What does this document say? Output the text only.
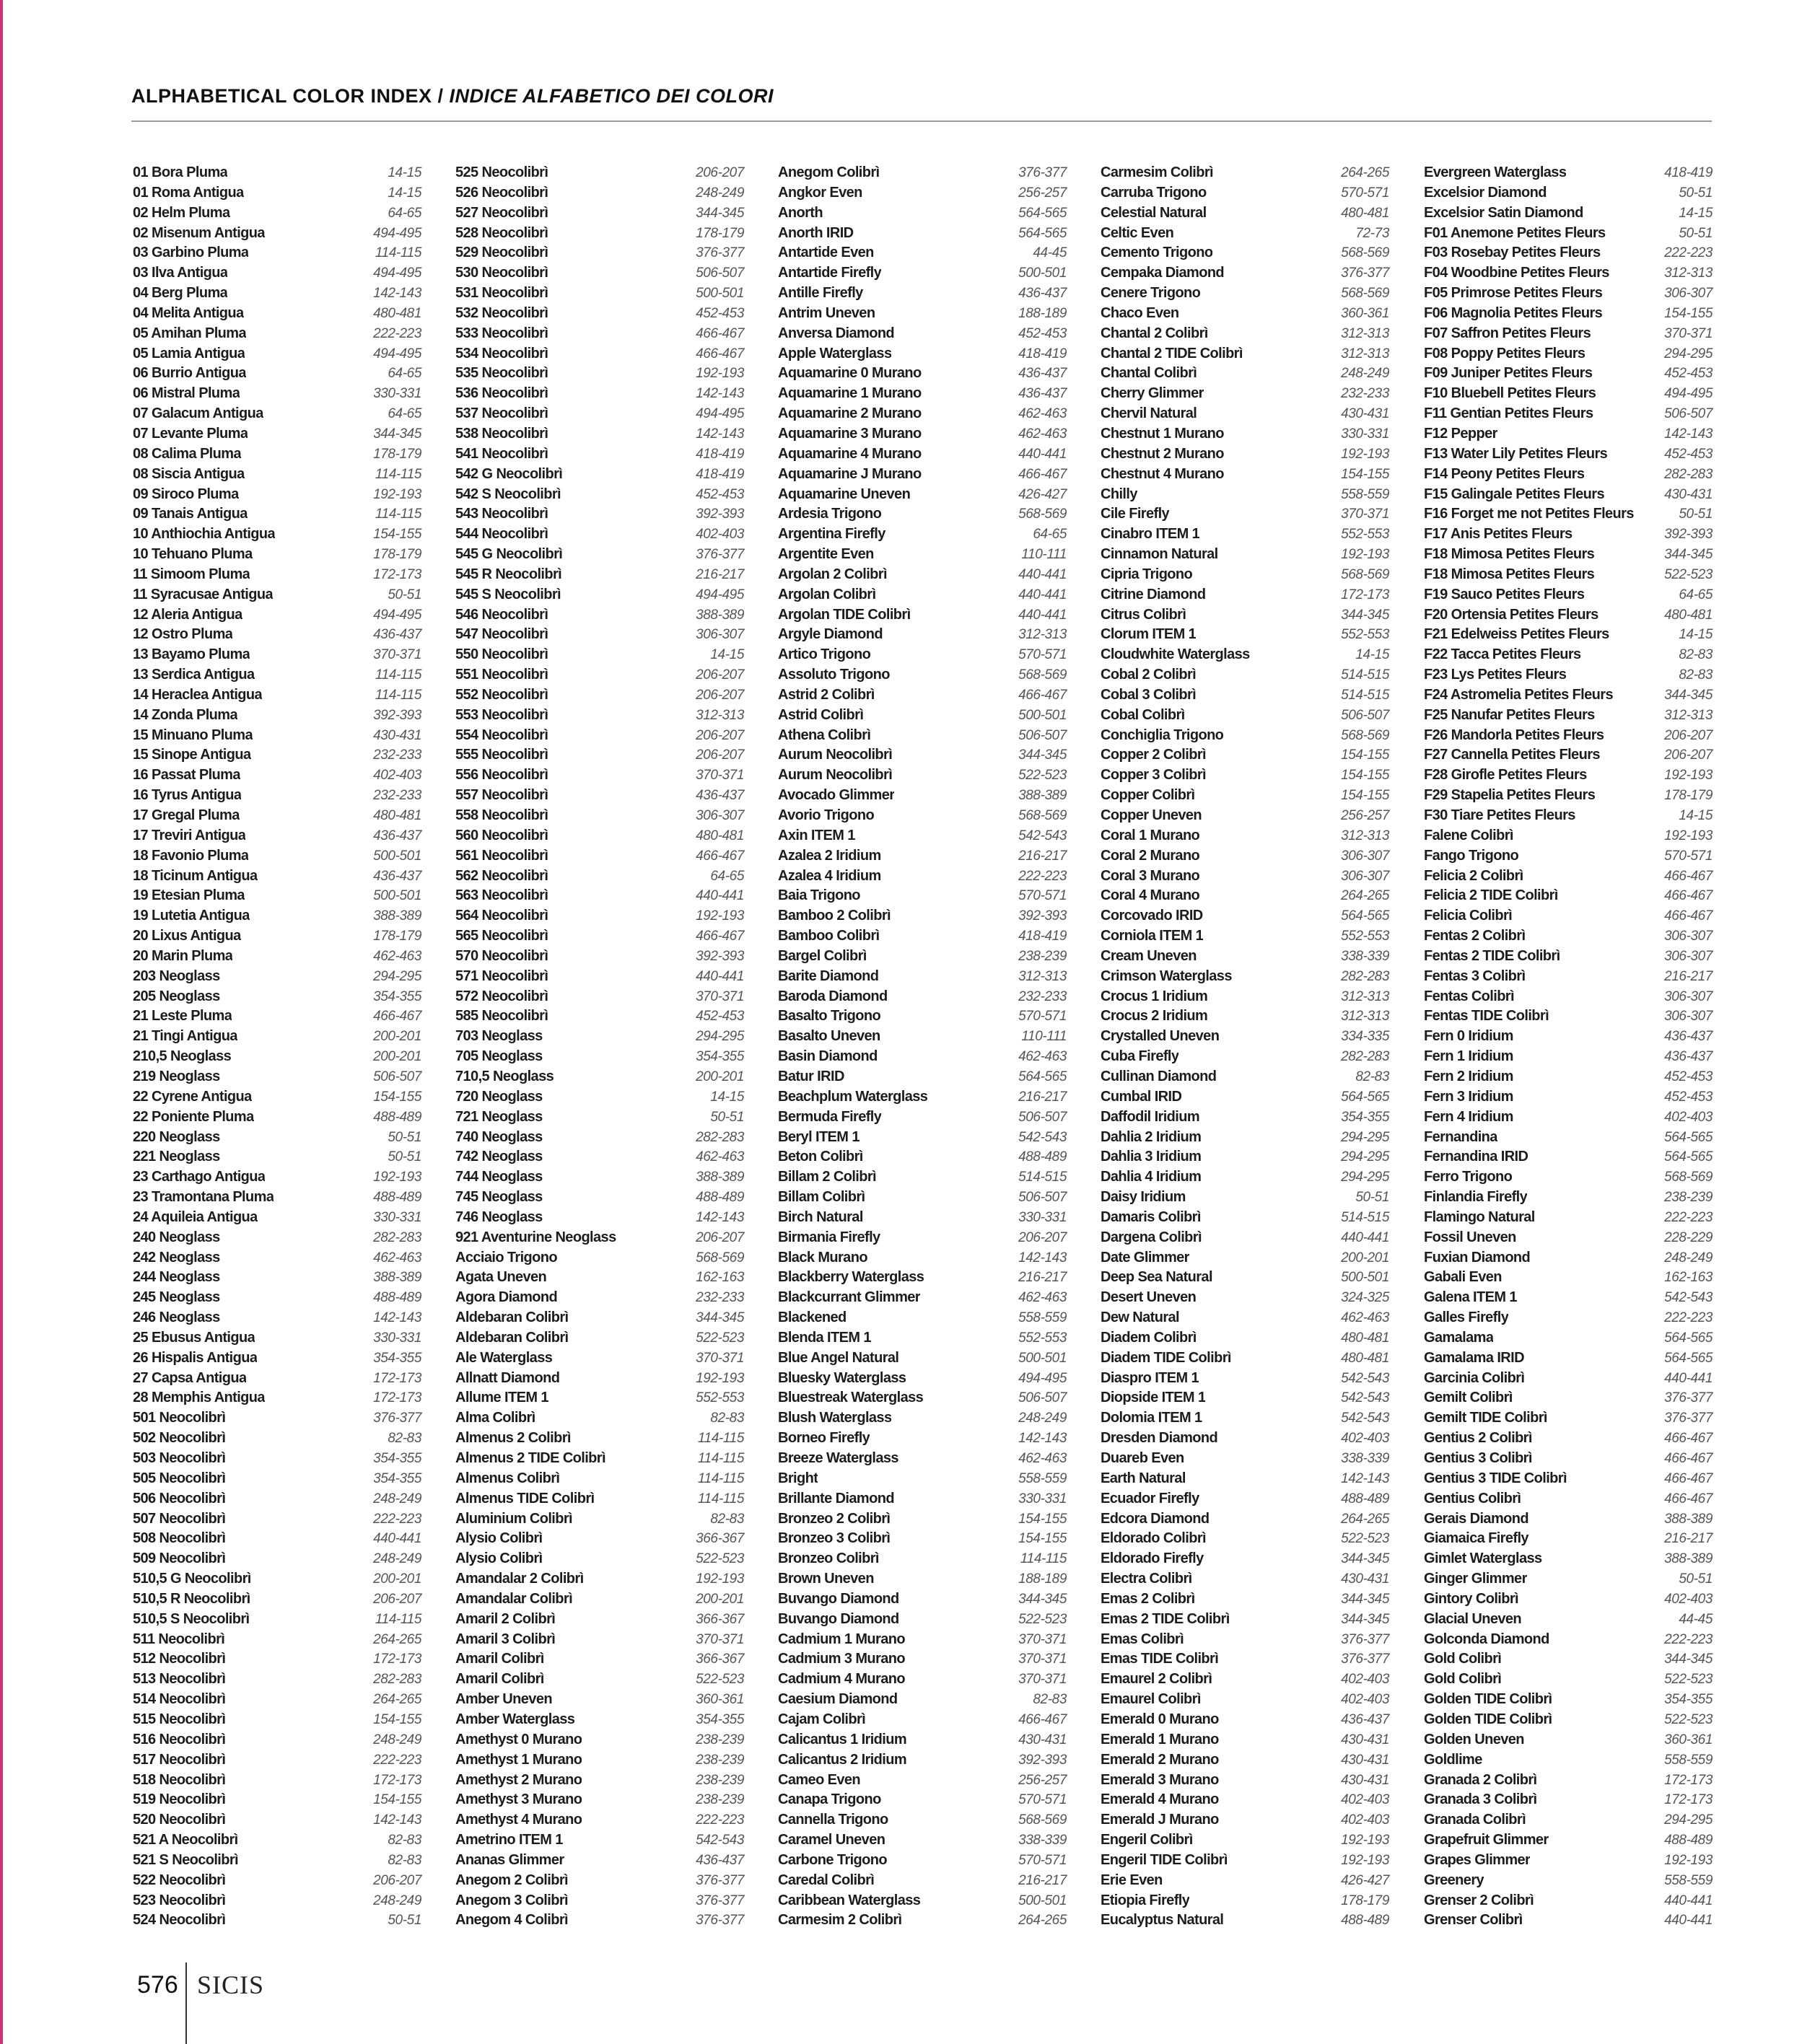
ALPHABETICAL COLOR INDEX / INDICE ALFABETICO DEI COLORI
01 Bora Pluma	14-15
01 Roma Antigua	14-15
02 Helm Pluma	64-65
02 Misenum Antigua	494-495
03 Garbino Pluma	114-115
03 Ilva Antigua	494-495
04 Berg Pluma	142-143
04 Melita Antigua	480-481
05 Amihan Pluma	222-223
05 Lamia Antigua	494-495
06 Burrio Antigua	64-65
06 Mistral Pluma	330-331
07 Galacum Antigua	64-65
07 Levante Pluma	344-345
08 Calima Pluma	178-179
08 Siscia Antigua	114-115
09 Siroco Pluma	192-193
09 Tanais Antigua	114-115
10 Anthiochia Antigua	154-155
10 Tehuano Pluma	178-179
11 Simoom Pluma	172-173
11 Syracusae Antigua	50-51
12 Aleria Antigua	494-495
12 Ostro Pluma	436-437
13 Bayamo Pluma	370-371
13 Serdica Antigua	114-115
14 Heraclea Antigua	114-115
14 Zonda Pluma	392-393
15 Minuano Pluma	430-431
15 Sinope Antigua	232-233
16 Passat Pluma	402-403
16 Tyrus Antigua	232-233
17 Gregal Pluma	480-481
17 Treviri Antigua	436-437
18 Favonio Pluma	500-501
18 Ticinum Antigua	436-437
19 Etesian Pluma	500-501
19 Lutetia Antigua	388-389
20 Lixus Antigua	178-179
20 Marin Pluma	462-463
203 Neoglass	294-295
205 Neoglass	354-355
21 Leste Pluma	466-467
21 Tingi Antigua	200-201
210,5 Neoglass	200-201
219 Neoglass	506-507
22 Cyrene Antigua	154-155
22 Poniente Pluma	488-489
220 Neoglass	50-51
221 Neoglass	50-51
23 Carthago Antigua	192-193
23 Tramontana Pluma	488-489
24 Aquileia Antigua	330-331
240 Neoglass	282-283
242 Neoglass	462-463
244 Neoglass	388-389
245 Neoglass	488-489
246 Neoglass	142-143
25 Ebusus Antigua	330-331
26 Hispalis Antigua	354-355
27 Capsa Antigua	172-173
28 Memphis Antigua	172-173
501 Neocolibrì	376-377
502 Neocolibrì	82-83
503 Neocolibrì	354-355
505 Neocolibrì	354-355
506 Neocolibrì	248-249
507 Neocolibrì	222-223
508 Neocolibrì	440-441
509 Neocolibrì	248-249
510,5 G Neocolibrì	200-201
510,5 R Neocolibrì	206-207
510,5 S Neocolibrì	114-115
511 Neocolibrì	264-265
512 Neocolibrì	172-173
513 Neocolibrì	282-283
514 Neocolibrì	264-265
515 Neocolibrì	154-155
516 Neocolibrì	248-249
517 Neocolibrì	222-223
518 Neocolibrì	172-173
519 Neocolibrì	154-155
520 Neocolibrì	142-143
521 A Neocolibrì	82-83
521 S Neocolibrì	82-83
522 Neocolibrì	206-207
523 Neocolibrì	248-249
524 Neocolibrì	50-51
525 Neocolibrì	206-207
526 Neocolibrì	248-249
527 Neocolibrì	344-345
528 Neocolibrì	178-179
529 Neocolibrì	376-377
530 Neocolibrì	506-507
531 Neocolibrì	500-501
532 Neocolibrì	452-453
533 Neocolibrì	466-467
534 Neocolibrì	466-467
535 Neocolibrì	192-193
536 Neocolibrì	142-143
537 Neocolibrì	494-495
538 Neocolibrì	142-143
541 Neocolibrì	418-419
542 G Neocolibrì	418-419
542 S Neocolibrì	452-453
543 Neocolibrì	392-393
544 Neocolibrì	402-403
545 G Neocolibrì	376-377
545 R Neocolibrì	216-217
545 S Neocolibrì	494-495
546 Neocolibrì	388-389
547 Neocolibrì	306-307
550 Neocolibrì	14-15
551 Neocolibrì	206-207
552 Neocolibrì	206-207
553 Neocolibrì	312-313
554 Neocolibrì	206-207
555 Neocolibrì	206-207
556 Neocolibrì	370-371
557 Neocolibrì	436-437
558 Neocolibrì	306-307
560 Neocolibrì	480-481
561 Neocolibrì	466-467
562 Neocolibrì	64-65
563 Neocolibrì	440-441
564 Neocolibrì	192-193
565 Neocolibrì	466-467
570 Neocolibrì	392-393
571 Neocolibrì	440-441
572 Neocolibrì	370-371
585 Neocolibrì	452-453
703 Neoglass	294-295
705 Neoglass	354-355
710,5 Neoglass	200-201
720 Neoglass	14-15
721 Neoglass	50-51
740 Neoglass	282-283
742 Neoglass	462-463
744 Neoglass	388-389
745 Neoglass	488-489
746 Neoglass	142-143
921 Aventurine Neoglass	206-207
Acciaio Trigono	568-569
Agata Uneven	162-163
Agora Diamond	232-233
Aldebaran Colibrì	344-345
Aldebaran Colibrì	522-523
Ale Waterglass	370-371
Allnatt Diamond	192-193
Allume ITEM 1	552-553
Alma Colibrì	82-83
Almenus 2 Colibrì	114-115
Almenus 2 TIDE Colibrì	114-115
Almenus Colibrì	114-115
Almenus TIDE Colibrì	114-115
Aluminium Colibrì	82-83
Alysio Colibrì	366-367
Alysio Colibrì	522-523
Amandalar 2 Colibrì	192-193
Amandalar Colibrì	200-201
Amaril 2 Colibrì	366-367
Amaril 3 Colibrì	370-371
Amaril Colibrì	366-367
Amaril Colibrì	522-523
Amber Uneven	360-361
Amber Waterglass	354-355
Amethyst 0 Murano	238-239
Amethyst 1 Murano	238-239
Amethyst 2 Murano	238-239
Amethyst 3 Murano	238-239
Amethyst 4 Murano	222-223
Ametrino ITEM 1	542-543
Ananas Glimmer	436-437
Anegom 2 Colibrì	376-377
Anegom 3 Colibrì	376-377
Anegom 4 Colibrì	376-377
Anegom Colibrì	376-377
Angkor Even	256-257
Anorth	564-565
Anorth IRID	564-565
Antartide Even	44-45
Antartide Firefly	500-501
Antille Firefly	436-437
Antrim Uneven	188-189
Anversa Diamond	452-453
Apple Waterglass	418-419
Aquamarine 0 Murano	436-437
Aquamarine 1 Murano	436-437
Aquamarine 2 Murano	462-463
Aquamarine 3 Murano	462-463
Aquamarine 4 Murano	440-441
Aquamarine J Murano	466-467
Aquamarine Uneven	426-427
Ardesia Trigono	568-569
Argentina Firefly	64-65
Argentite Even	110-111
Argolan 2 Colibrì	440-441
Argolan Colibrì	440-441
Argolan TIDE Colibrì	440-441
Argyle Diamond	312-313
Artico Trigono	570-571
Assoluto Trigono	568-569
Astrid 2 Colibrì	466-467
Astrid Colibrì	500-501
Athena Colibrì	506-507
Aurum Neocolibrì	344-345
Aurum Neocolibrì	522-523
Avocado Glimmer	388-389
Avorio Trigono	568-569
Axin ITEM 1	542-543
Azalea 2 Iridium	216-217
Azalea 4 Iridium	222-223
Baia Trigono	570-571
Bamboo 2 Colibrì	392-393
Bamboo Colibrì	418-419
Bargel Colibrì	238-239
Barite Diamond	312-313
Baroda Diamond	232-233
Basalto Trigono	570-571
Basalto Uneven	110-111
Basin Diamond	462-463
Batur IRID	564-565
Beachplum Waterglass	216-217
Bermuda Firefly	506-507
Beryl ITEM 1	542-543
Beton Colibrì	488-489
Billam 2 Colibrì	514-515
Billam Colibrì	506-507
Birch Natural	330-331
Birmania Firefly	206-207
Black Murano	142-143
Blackberry Waterglass	216-217
Blackcurrant Glimmer	462-463
Blackened	558-559
Blenda ITEM 1	552-553
Blue Angel Natural	500-501
Bluesky Waterglass	494-495
Bluestreak Waterglass	506-507
Blush Waterglass	248-249
Borneo Firefly	142-143
Breeze Waterglass	462-463
Bright	558-559
Brillante Diamond	330-331
Bronzeo 2 Colibrì	154-155
Bronzeo 3 Colibrì	154-155
Bronzeo Colibrì	114-115
Brown Uneven	188-189
Buvango Diamond	344-345
Buvango Diamond	522-523
Cadmium 1 Murano	370-371
Cadmium 3 Murano	370-371
Cadmium 4 Murano	370-371
Caesium Diamond	82-83
Cajam Colibrì	466-467
Calicantus 1 Iridium	430-431
Calicantus 2 Iridium	392-393
Cameo Even	256-257
Canapa Trigono	570-571
Cannella Trigono	568-569
Caramel Uneven	338-339
Carbone Trigono	570-571
Caredal Colibrì	216-217
Caribbean Waterglass	500-501
Carmesim 2 Colibrì	264-265
Carmesim Colibrì	264-265
Carruba Trigono	570-571
Celestial Natural	480-481
Celtic Even	72-73
Cemento Trigono	568-569
Cempaka Diamond	376-377
Cenere Trigono	568-569
Chaco Even	360-361
Chantal 2 Colibrì	312-313
Chantal 2 TIDE Colibrì	312-313
Chantal Colibrì	248-249
Cherry Glimmer	232-233
Chervil Natural	430-431
Chestnut 1 Murano	330-331
Chestnut 2 Murano	192-193
Chestnut 4 Murano	154-155
Chilly	558-559
Cile Firefly	370-371
Cinabro ITEM 1	552-553
Cinnamon Natural	192-193
Cipria Trigono	568-569
Citrine Diamond	172-173
Citrus Colibrì	344-345
Clorum ITEM 1	552-553
Cloudwhite Waterglass	14-15
Cobal 2 Colibrì	514-515
Cobal 3 Colibrì	514-515
Cobal Colibrì	506-507
Conchiglia Trigono	568-569
Copper 2 Colibrì	154-155
Copper 3 Colibrì	154-155
Copper Colibrì	154-155
Copper Uneven	256-257
Coral 1 Murano	312-313
Coral 2 Murano	306-307
Coral 3 Murano	306-307
Coral 4 Murano	264-265
Corcovado IRID	564-565
Corniola ITEM 1	552-553
Cream Uneven	338-339
Crimson Waterglass	282-283
Crocus 1 Iridium	312-313
Crocus 2 Iridium	312-313
Crystalled Uneven	334-335
Cuba Firefly	282-283
Cullinan Diamond	82-83
Cumbal IRID	564-565
Daffodil Iridium	354-355
Dahlia 2 Iridium	294-295
Dahlia 3 Iridium	294-295
Dahlia 4 Iridium	294-295
Daisy Iridium	50-51
Damaris Colibrì	514-515
Dargena Colibrì	440-441
Date Glimmer	200-201
Deep Sea Natural	500-501
Desert Uneven	324-325
Dew Natural	462-463
Diadem Colibrì	480-481
Diadem TIDE Colibrì	480-481
Diaspro ITEM 1	542-543
Diopside ITEM 1	542-543
Dolomia ITEM 1	542-543
Dresden Diamond	402-403
Duareb Even	338-339
Earth Natural	142-143
Ecuador Firefly	488-489
Edcora Diamond	264-265
Eldorado Colibrì	522-523
Eldorado Firefly	344-345
Electra Colibrì	430-431
Emas 2 Colibrì	344-345
Emas 2 TIDE Colibrì	344-345
Emas Colibrì	376-377
Emas TIDE Colibrì	376-377
Emaurel 2 Colibrì	402-403
Emaurel Colibrì	402-403
Emerald 0 Murano	436-437
Emerald 1 Murano	430-431
Emerald 2 Murano	430-431
Emerald 3 Murano	430-431
Emerald 4 Murano	402-403
Emerald J Murano	402-403
Engeril Colibrì	192-193
Engeril TIDE Colibrì	192-193
Erie Even	426-427
Etiopia Firefly	178-179
Eucalyptus Natural	488-489
Evergreen Waterglass	418-419
Excelsior Diamond	50-51
Excelsior Satin Diamond	14-15
F01 Anemone Petites Fleurs	50-51
F03 Rosebay Petites Fleurs	222-223
F04 Woodbine Petites Fleurs	312-313
F05 Primrose Petites Fleurs	306-307
F06 Magnolia Petites Fleurs	154-155
F07 Saffron Petites Fleurs	370-371
F08 Poppy Petites Fleurs	294-295
F09 Juniper Petites Fleurs	452-453
F10 Bluebell Petites Fleurs	494-495
F11 Gentian Petites Fleurs	506-507
F12 Pepper	142-143
F13 Water Lily Petites Fleurs	452-453
F14 Peony Petites Fleurs	282-283
F15 Galingale Petites Fleurs	430-431
F16 Forget me not Petites Fleurs	50-51
F17 Anis Petites Fleurs	392-393
F18 Mimosa Petites Fleurs	344-345
F18 Mimosa Petites Fleurs	522-523
F19 Sauco Petites Fleurs	64-65
F20 Ortensia Petites Fleurs	480-481
F21 Edelweiss Petites Fleurs	14-15
F22 Tacca Petites Fleurs	82-83
F23 Lys Petites Fleurs	82-83
F24 Astromelia Petites Fleurs	344-345
F25 Nanufar Petites Fleurs	312-313
F26 Mandorla Petites Fleurs	206-207
F27 Cannella Petites Fleurs	206-207
F28 Girofle Petites Fleurs	192-193
F29 Stapelia Petites Fleurs	178-179
F30 Tiare Petites Fleurs	14-15
Falene Colibrì	192-193
Fango Trigono	570-571
Felicia 2 Colibrì	466-467
Felicia 2 TIDE Colibrì	466-467
Felicia Colibrì	466-467
Fentas 2 Colibrì	306-307
Fentas 2 TIDE Colibrì	306-307
Fentas 3 Colibrì	216-217
Fentas Colibrì	306-307
Fentas TIDE Colibrì	306-307
Fern 0 Iridium	436-437
Fern 1 Iridium	436-437
Fern 2 Iridium	452-453
Fern 3 Iridium	452-453
Fern 4 Iridium	402-403
Fernandina	564-565
Fernandina IRID	564-565
Ferro Trigono	568-569
Finlandia Firefly	238-239
Flamingo Natural	222-223
Fossil Uneven	228-229
Fuxian Diamond	248-249
Gabali Even	162-163
Galena ITEM 1	542-543
Galles Firefly	222-223
Gamalama	564-565
Gamalama IRID	564-565
Garcinia Colibrì	440-441
Gemilt Colibrì	376-377
Gemilt TIDE Colibrì	376-377
Gentius 2 Colibrì	466-467
Gentius 3 Colibrì	466-467
Gentius 3 TIDE Colibrì	466-467
Gentius Colibrì	466-467
Gerais Diamond	388-389
Giamaica Firefly	216-217
Gimlet Waterglass	388-389
Ginger Glimmer	50-51
Gintory Colibrì	402-403
Glacial Uneven	44-45
Golconda Diamond	222-223
Gold Colibrì	344-345
Gold Colibrì	522-523
Golden TIDE Colibrì	354-355
Golden TIDE Colibrì	522-523
Golden Uneven	360-361
Goldlime	558-559
Granada 2 Colibrì	172-173
Granada 3 Colibrì	172-173
Granada Colibrì	294-295
Grapefruit Glimmer	488-489
Grapes Glimmer	192-193
Greenery	558-559
Grenser 2 Colibrì	440-441
Grenser Colibrì	440-441
576 SICIS
